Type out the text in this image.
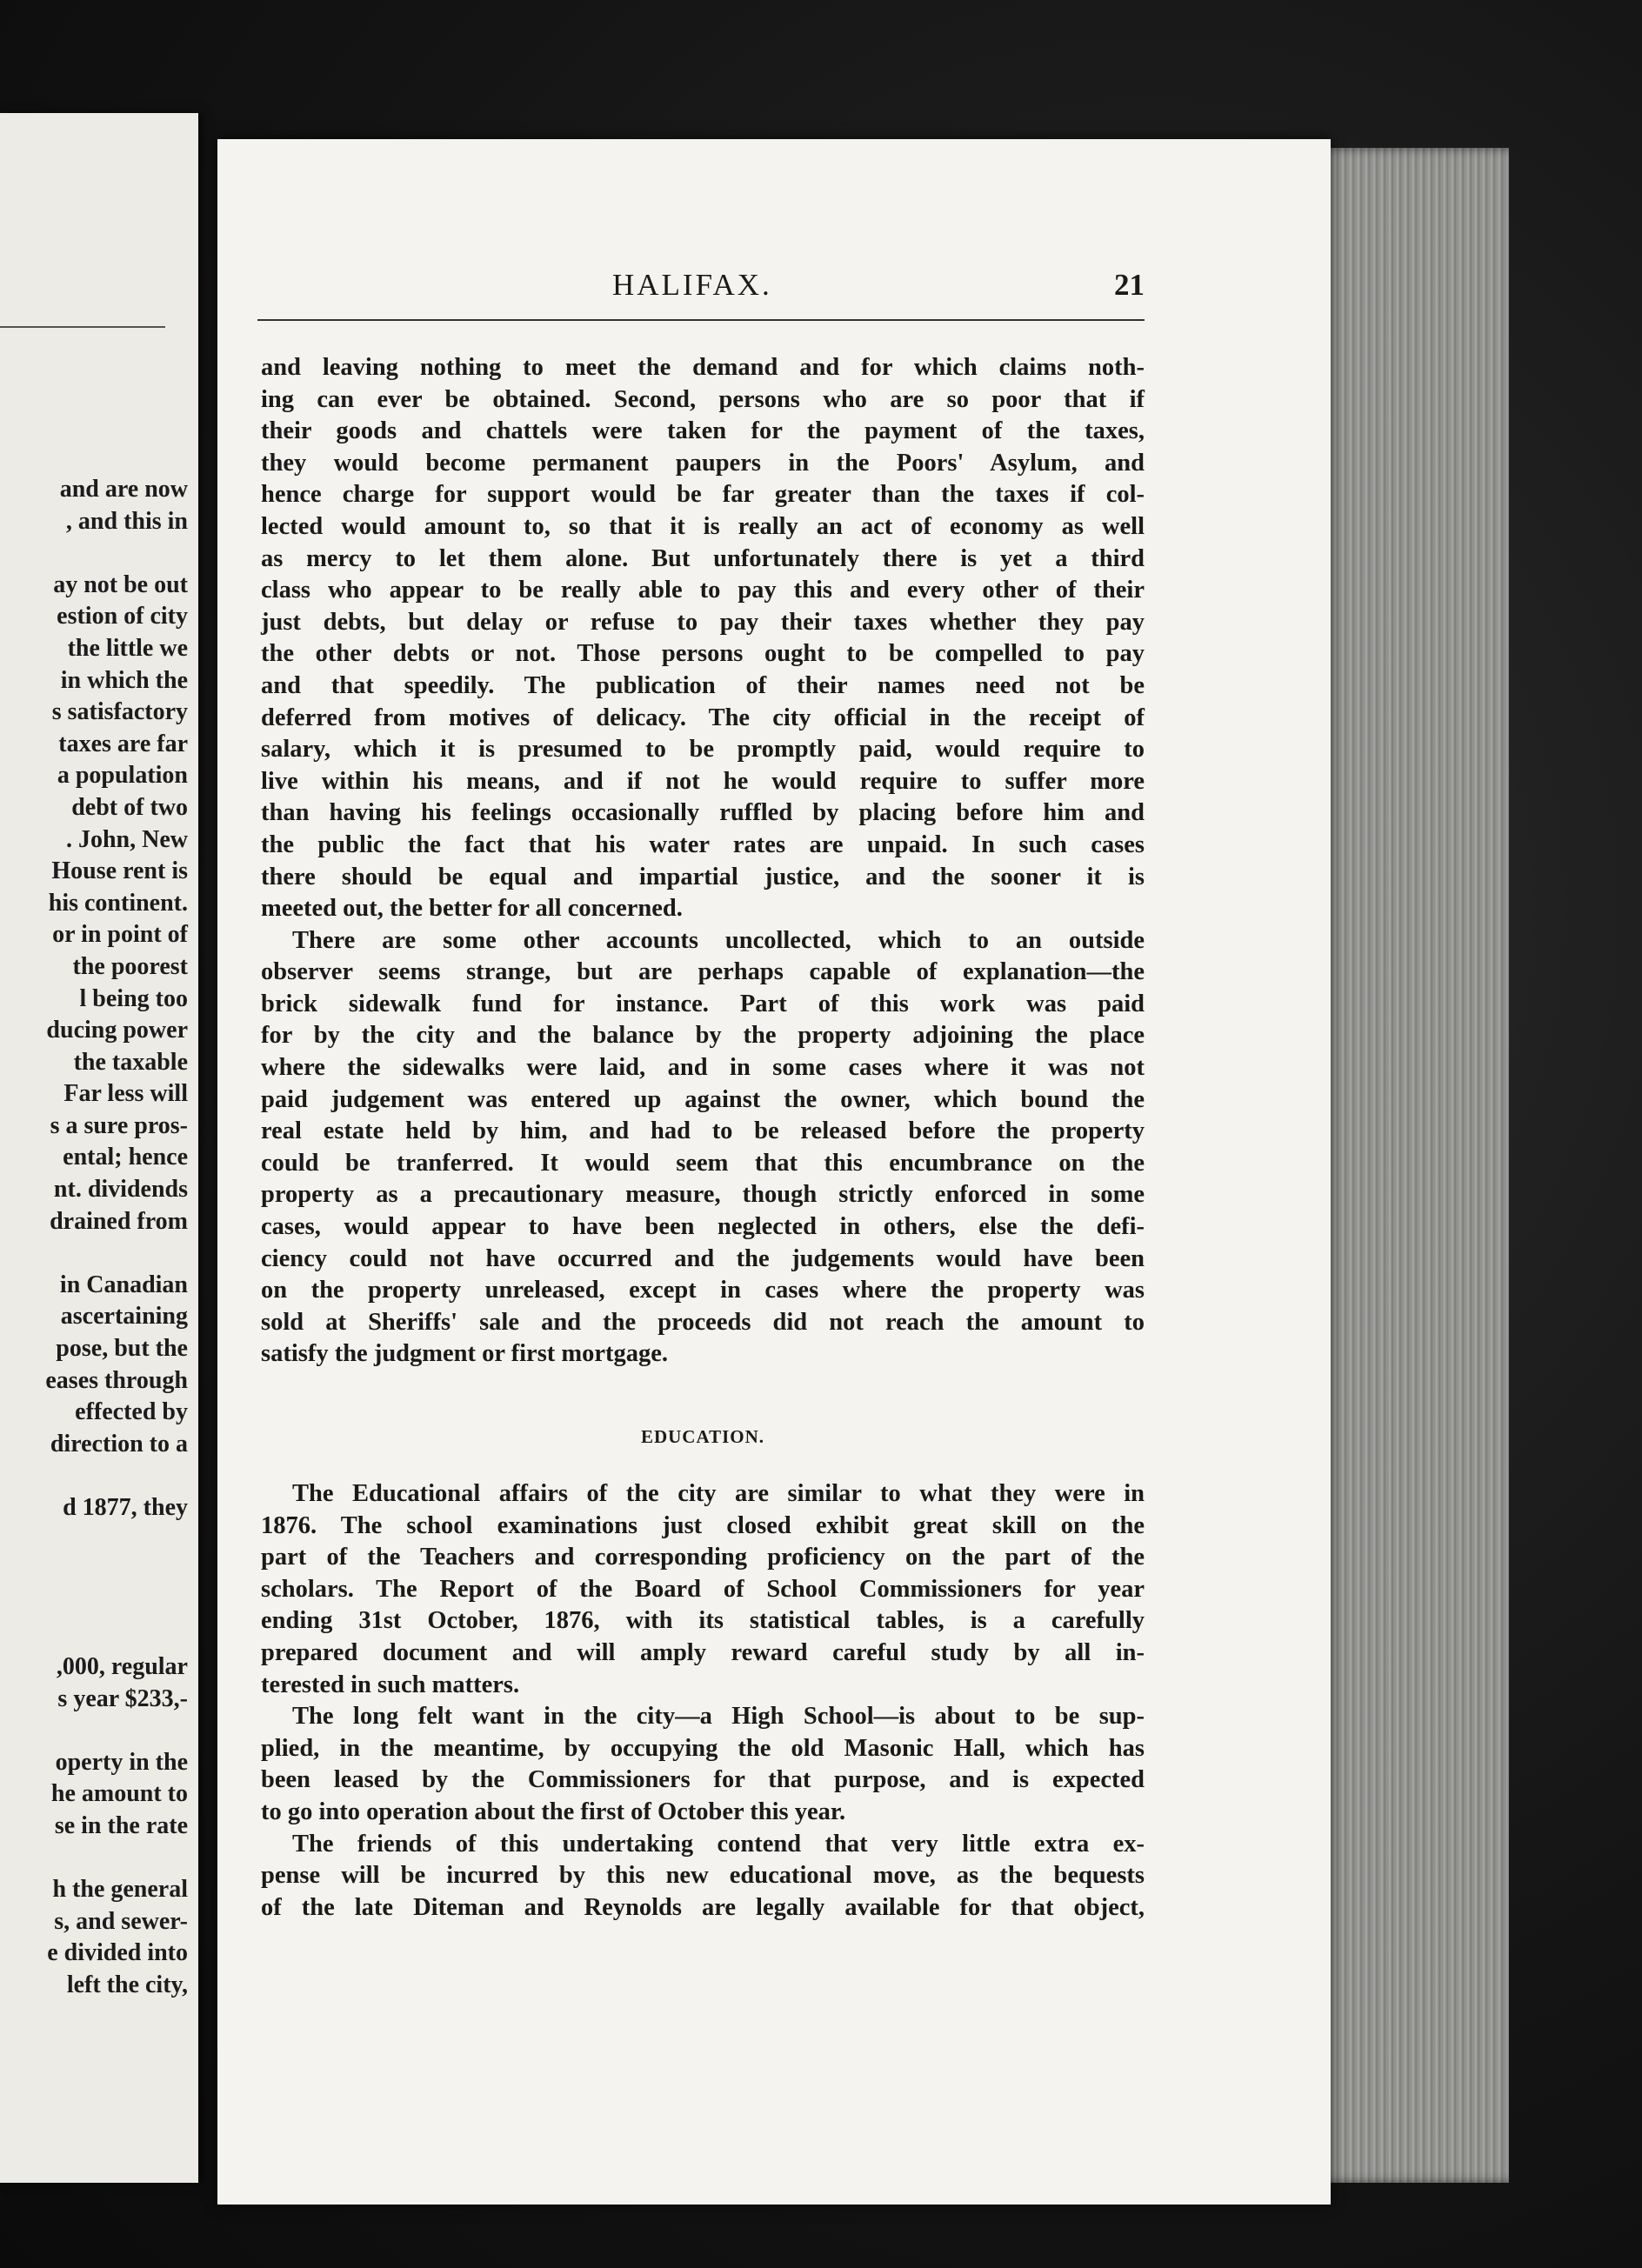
and are now
, and this in
ay not be out
estion of city
the little we
in which the
s satisfactory
taxes are far
a population
debt of two
. John, New
House rent is
his continent.
or in point of
the poorest
l being too
ducing power
the taxable
Far less will
s a sure pros-
ental; hence
nt. dividends
drained from
in Canadian
ascertaining
pose, but the
eases through
effected by
direction to a
d 1877, they
,000, regular
s year $233,-
operty in the
he amount to
se in the rate
h the general
s, and sewer-
e divided into
left the city,
HALIFAX.	21
and leaving nothing to meet the demand and for which claims noth-
ing can ever be obtained. Second, persons who are so poor that if
their goods and chattels were taken for the payment of the taxes,
they would become permanent paupers in the Poors' Asylum, and
hence charge for support would be far greater than the taxes if col-
lected would amount to, so that it is really an act of economy as well
as mercy to let them alone. But unfortunately there is yet a third
class who appear to be really able to pay this and every other of their
just debts, but delay or refuse to pay their taxes whether they pay
the other debts or not. Those persons ought to be compelled to pay
and that speedily. The publication of their names need not be
deferred from motives of delicacy. The city official in the receipt of
salary, which it is presumed to be promptly paid, would require to
live within his means, and if not he would require to suffer more
than having his feelings occasionally ruffled by placing before him and
the public the fact that his water rates are unpaid. In such cases
there should be equal and impartial justice, and the sooner it is
meeted out, the better for all concerned.
There are some other accounts uncollected, which to an outside
observer seems strange, but are perhaps capable of explanation—the
brick sidewalk fund for instance. Part of this work was paid
for by the city and the balance by the property adjoining the place
where the sidewalks were laid, and in some cases where it was not
paid judgement was entered up against the owner, which bound the
real estate held by him, and had to be released before the property
could be tranferred. It would seem that this encumbrance on the
property as a precautionary measure, though strictly enforced in some
cases, would appear to have been neglected in others, else the defi-
ciency could not have occurred and the judgements would have been
on the property unreleased, except in cases where the property was
sold at Sheriffs' sale and the proceeds did not reach the amount to
satisfy the judgment or first mortgage.
EDUCATION.
The Educational affairs of the city are similar to what they were in
1876. The school examinations just closed exhibit great skill on the
part of the Teachers and corresponding proficiency on the part of the
scholars. The Report of the Board of School Commissioners for year
ending 31st October, 1876, with its statistical tables, is a carefully
prepared document and will amply reward careful study by all in-
terested in such matters.
The long felt want in the city—a High School—is about to be sup-
plied, in the meantime, by occupying the old Masonic Hall, which has
been leased by the Commissioners for that purpose, and is expected
to go into operation about the first of October this year.
The friends of this undertaking contend that very little extra ex-
pense will be incurred by this new educational move, as the bequests
of the late Diteman and Reynolds are legally available for that object,
